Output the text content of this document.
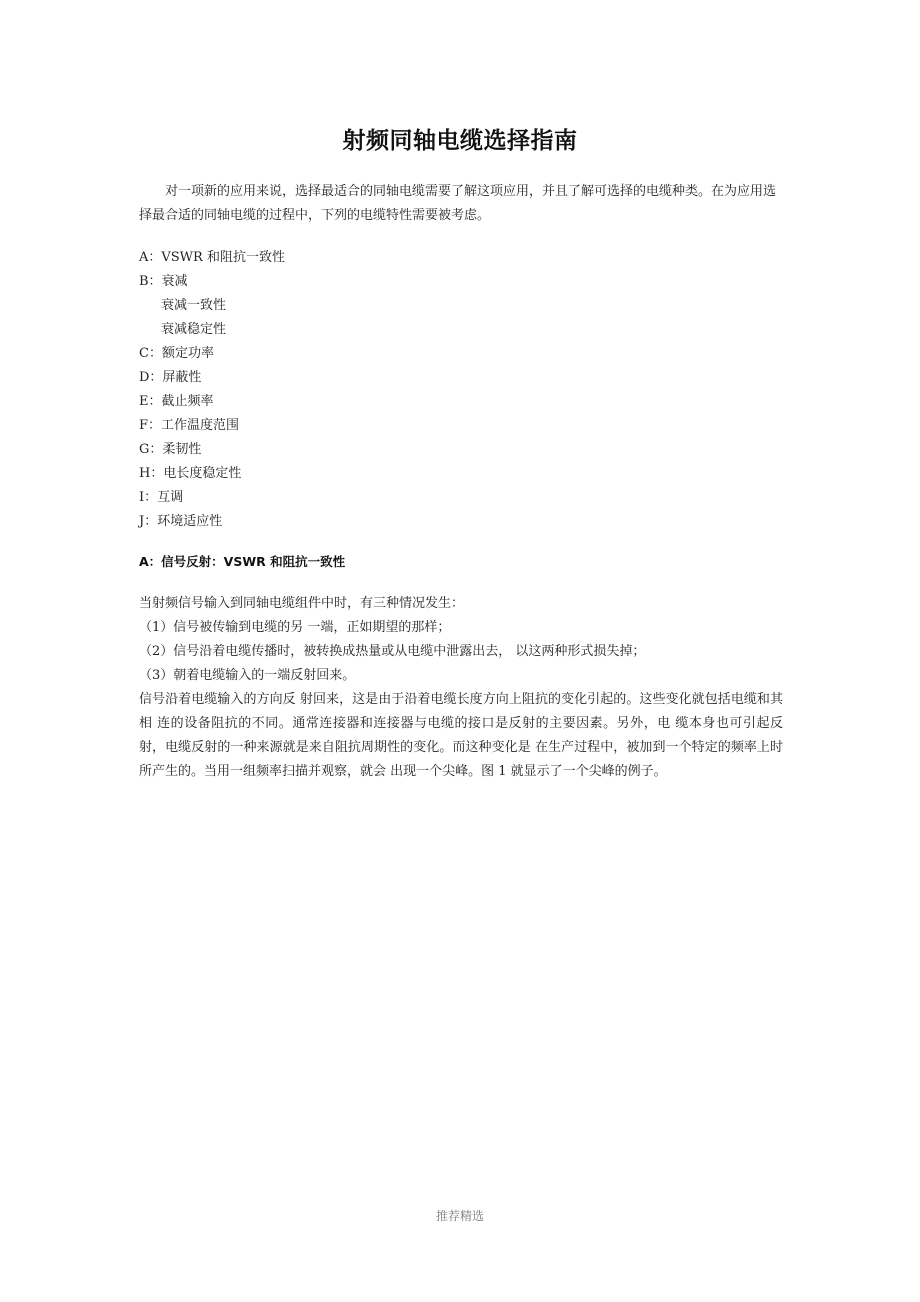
射频同轴电缆选择指南

对一项新的应用来说，选择最适合的同轴电缆需要了解这项应用，并且了解可选择的电缆种类。在为应用选择最合适的同轴电缆的过程中，下列的电缆特性需要被考虑。

A：VSWR 和阻抗一致性
B：衰减
衰减一致性
衰减稳定性
C：额定功率
D：屏蔽性
E：截止频率
F：工作温度范围
G：柔韧性
H：电长度稳定性
I：互调
J：环境适应性
A：信号反射：VSWR 和阻抗一致性

当射频信号输入到同轴电缆组件中时，有三种情况发生：

（1）信号被传输到电缆的另 一端，正如期望的那样；
（2）信号沿着电缆传播时，被转换成热量或从电缆中泄露出去， 以这两种形式损失掉；
（3）朝着电缆输入的一端反射回来。

信号沿着电缆输入的方向反 射回来，这是由于沿着电缆长度方向上阻抗的变化引起的。这些变化就包括电缆和其相 连的设备阻抗的不同。通常连接器和连接器与电缆的接口是反射的主要因素。另外，电 缆本身也可引起反射，电缆反射的一种来源就是来自阻抗周期性的变化。而这种变化是 在生产过程中，被加到一个特定的频率上时所产生的。当用一组频率扫描并观察，就会 出现一个尖峰。图 1 就显示了一个尖峰的例子。

推荐精选
